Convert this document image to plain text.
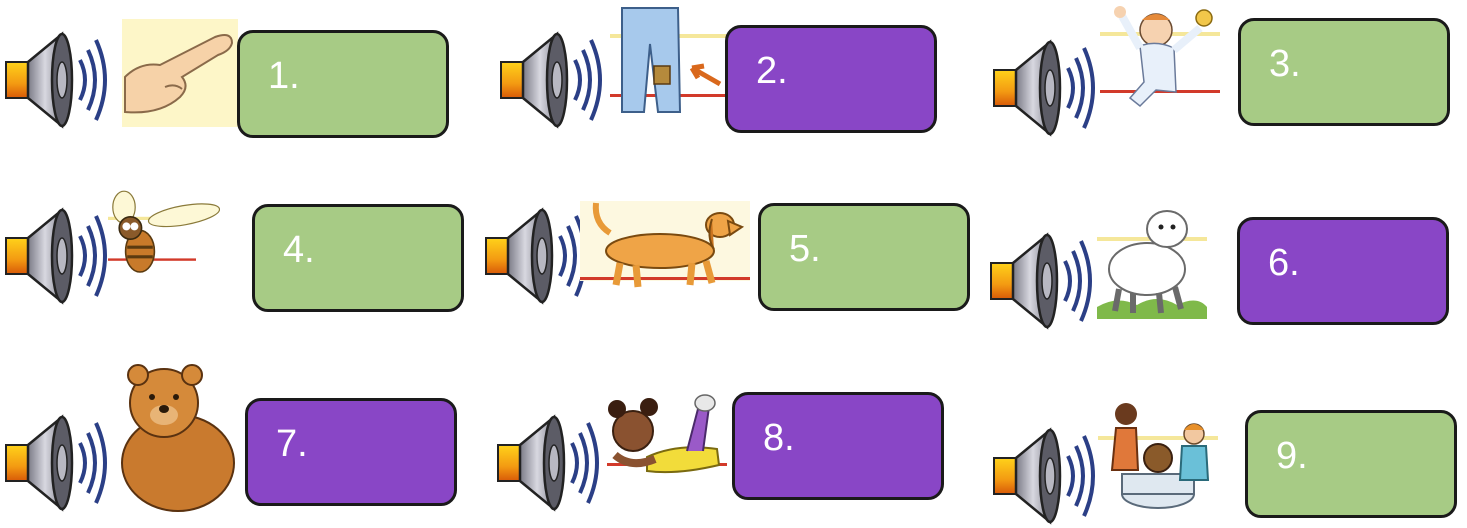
1.	2.	3.
4.	5.	6.
7.	8.	9.
